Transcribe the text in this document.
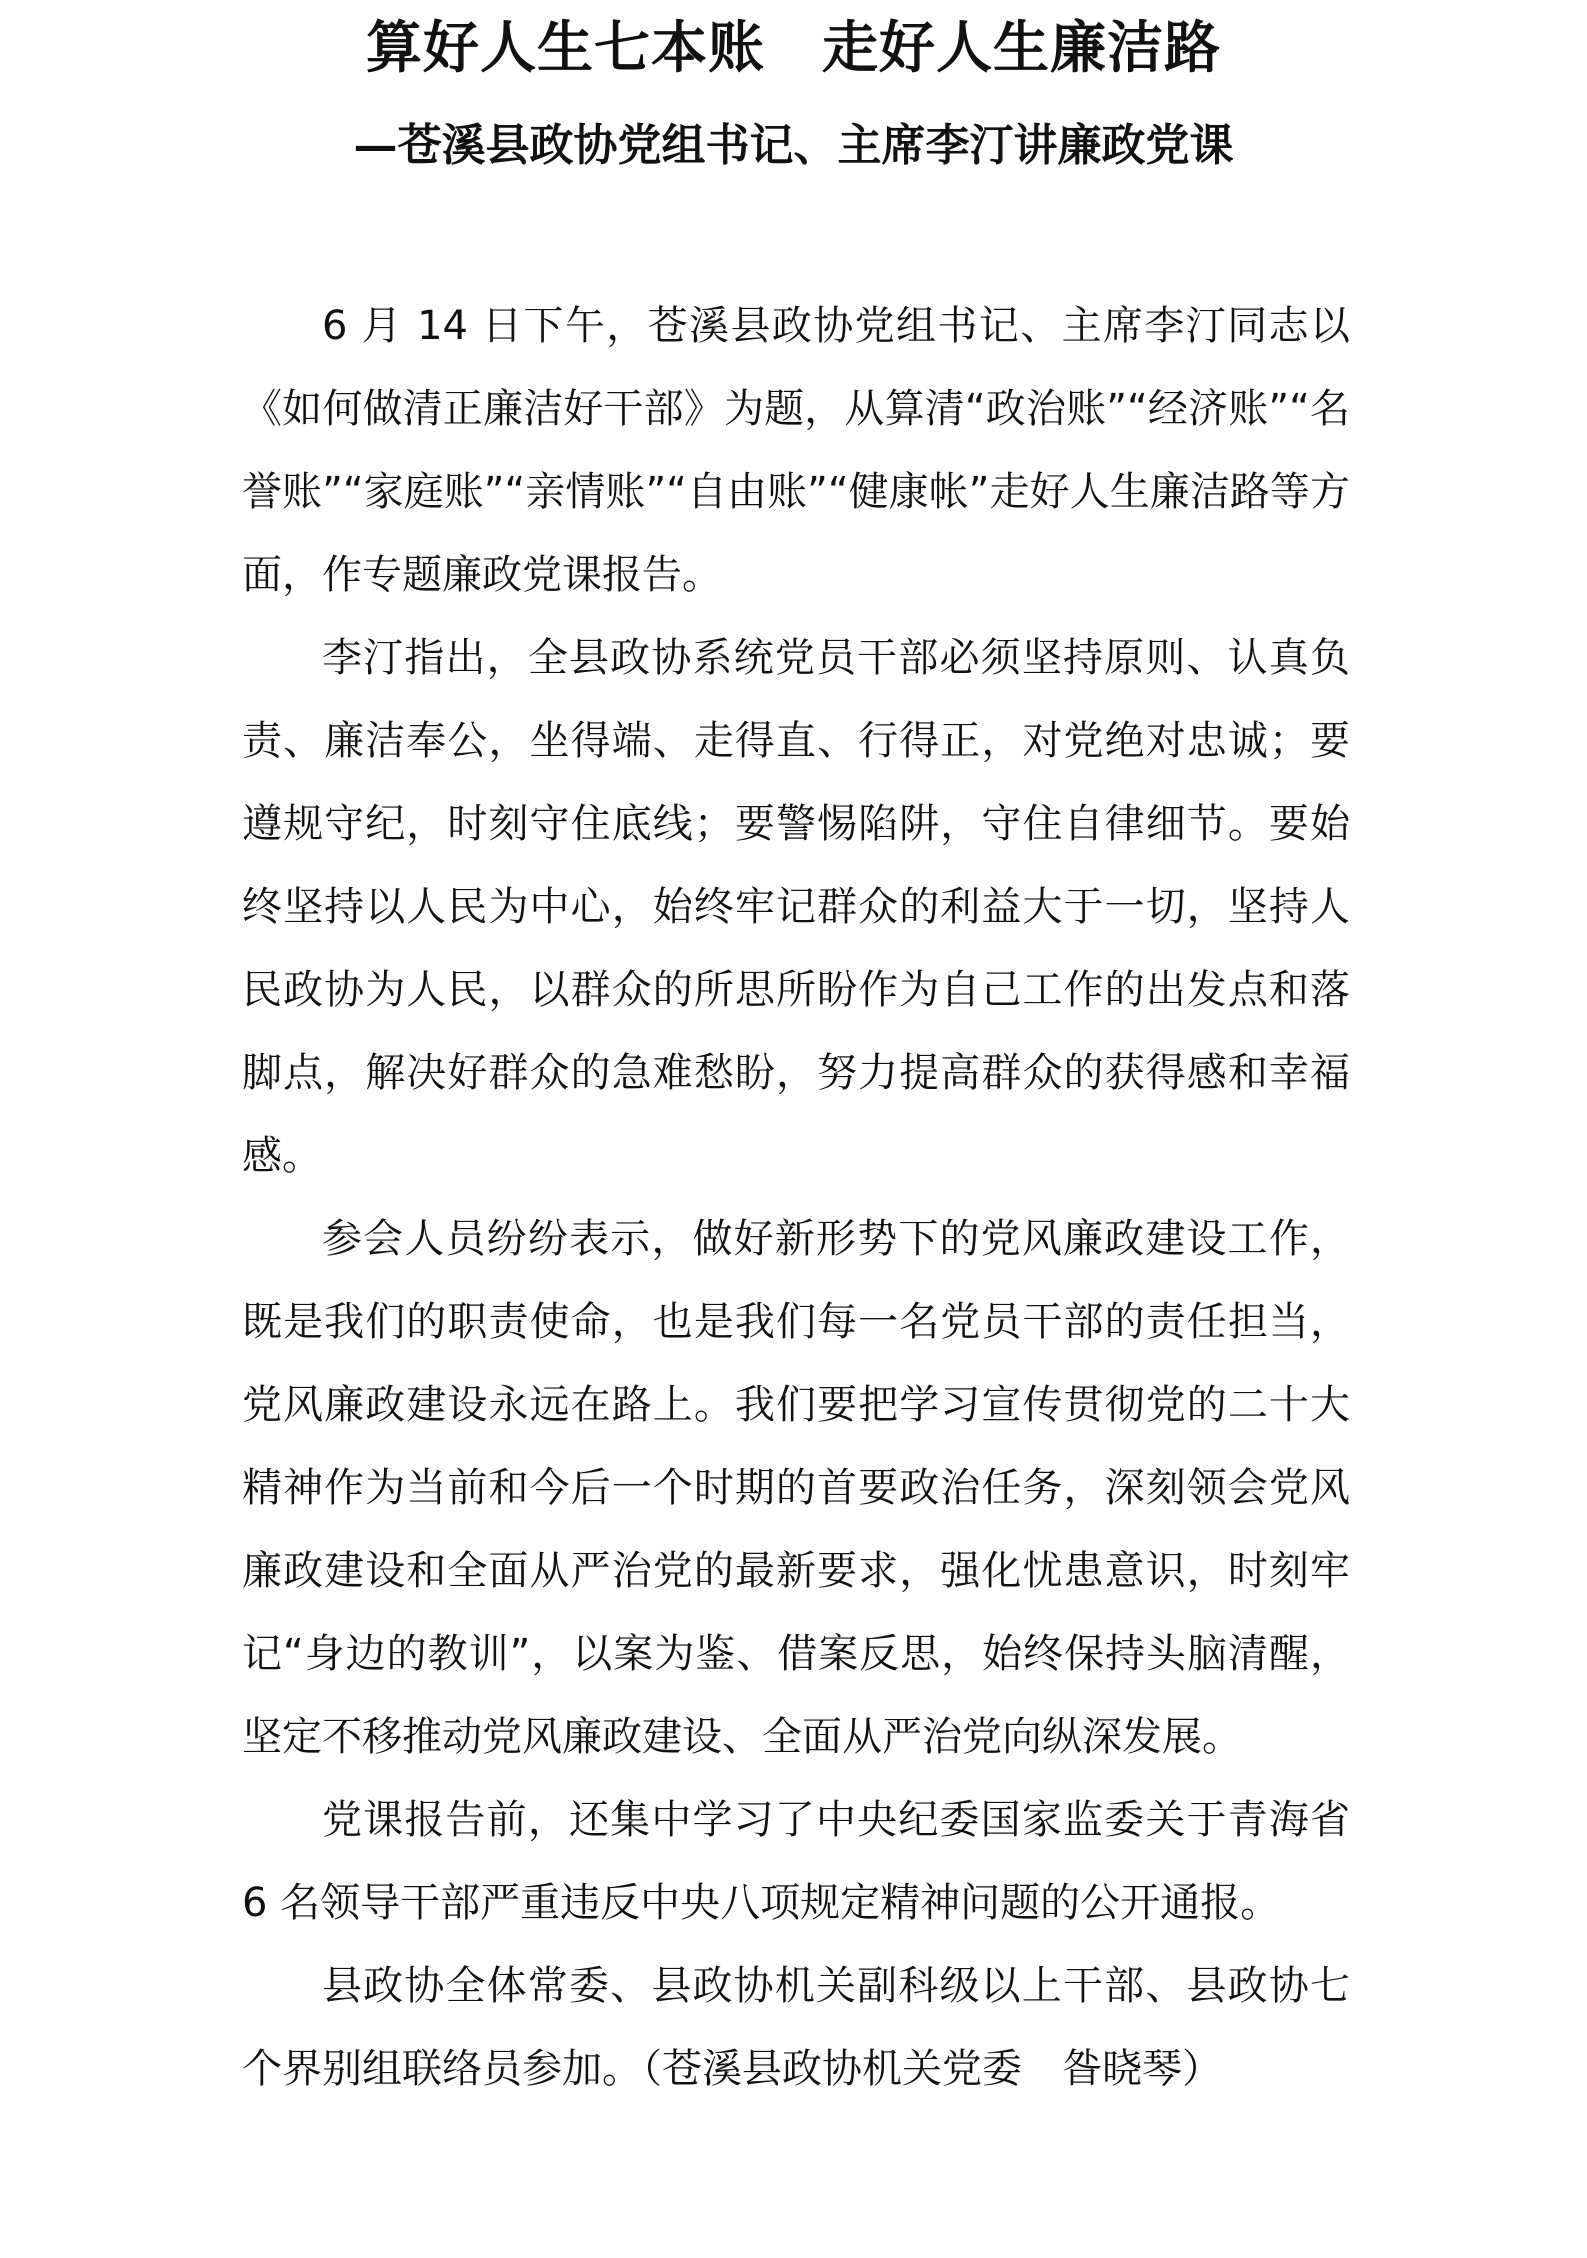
算好人生七本账　走好人生廉洁路
—苍溪县政协党组书记、主席李汀讲廉政党课

6 月 14 日下午，苍溪县政协党组书记、主席李汀同志以《如何做清正廉洁好干部》为题，从算清“政治账”“经济账”“名誉账”“家庭账”“亲情账”“自由账”“健康帐”走好人生廉洁路等方面，作专题廉政党课报告。

李汀指出，全县政协系统党员干部必须坚持原则、认真负责、廉洁奉公，坐得端、走得直、行得正，对党绝对忠诚；要遵规守纪，时刻守住底线；要警惕陷阱，守住自律细节。要始终坚持以人民为中心，始终牢记群众的利益大于一切，坚持人民政协为人民，以群众的所思所盼作为自己工作的出发点和落脚点，解决好群众的急难愁盼，努力提高群众的获得感和幸福感。

参会人员纷纷表示，做好新形势下的党风廉政建设工作，既是我们的职责使命，也是我们每一名党员干部的责任担当，党风廉政建设永远在路上。我们要把学习宣传贯彻党的二十大精神作为当前和今后一个时期的首要政治任务，深刻领会党风廉政建设和全面从严治党的最新要求，强化忧患意识，时刻牢记“身边的教训”，以案为鉴、借案反思，始终保持头脑清醒，坚定不移推动党风廉政建设、全面从严治党向纵深发展。

党课报告前，还集中学习了中央纪委国家监委关于青海省 6 名领导干部严重违反中央八项规定精神问题的公开通报。

县政协全体常委、县政协机关副科级以上干部、县政协七个界别组联络员参加。（苍溪县政协机关党委　昝晓琴）
